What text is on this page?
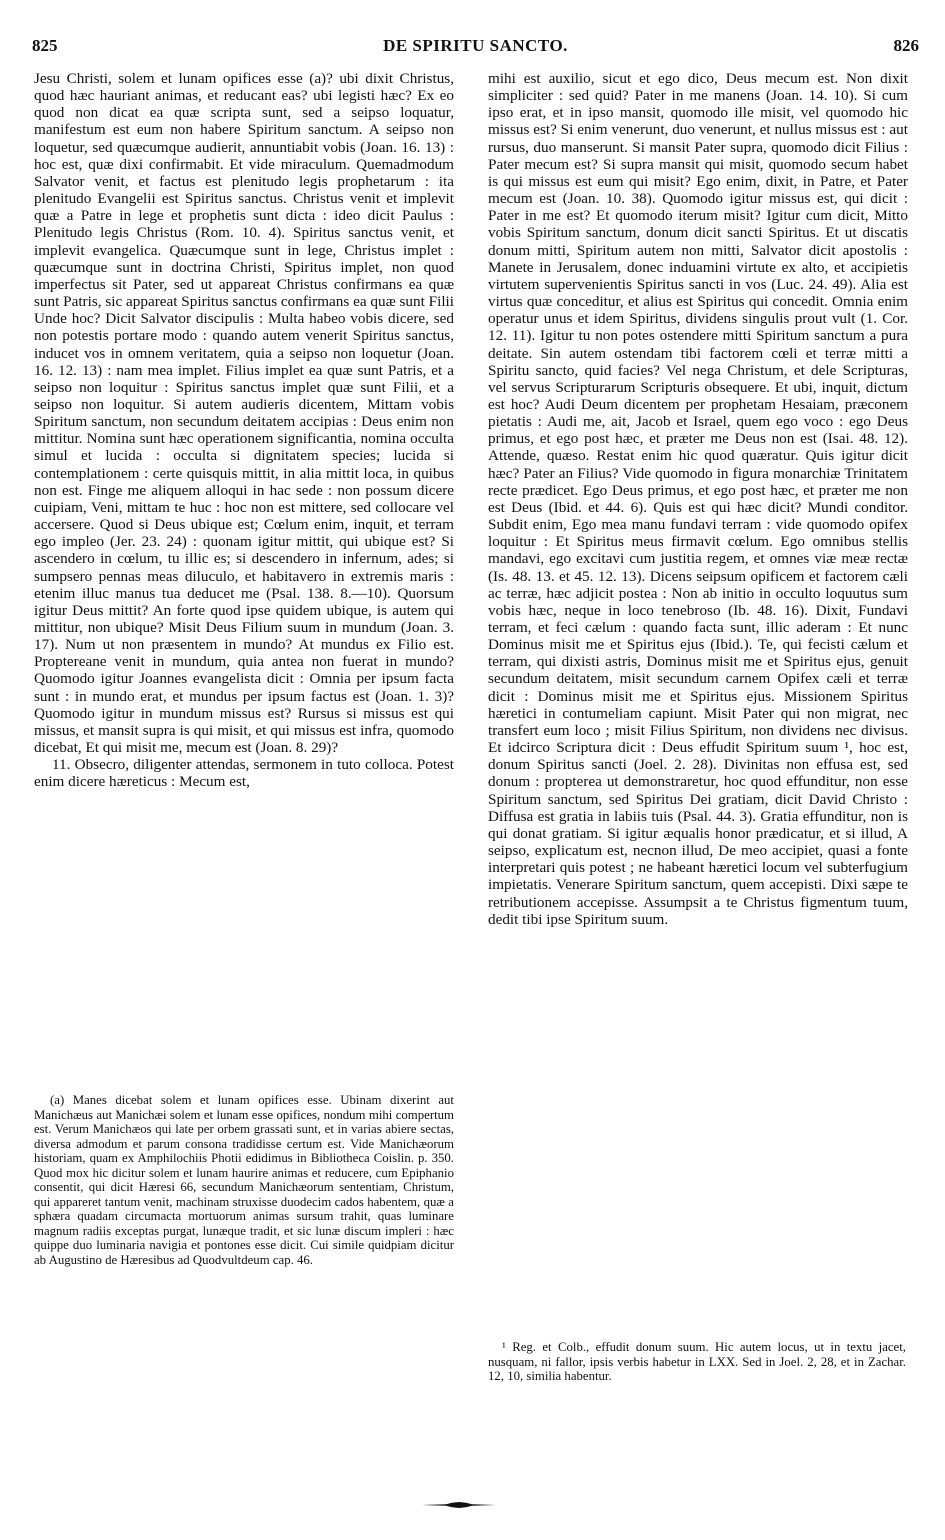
825	DE SPIRITU SANCTO.	826

Jesu Christi, solem et lunam opifices esse (a)? ubi dixit Christus, quod hæc hauriant animas, et reducant eas? ubi legisti hæc? Ex eo quod non dicat ea quæ scripta sunt, sed a seipso loquatur, manifestum est eum non habere Spiritum sanctum. A seipso non loquetur, sed quæcumque audierit, annuntiabit vobis (Joan. 16. 13) : hoc est, quæ dixi confirmabit. Et vide miraculum. Quemadmodum Salvator venit, et factus est plenitudo legis prophetarum : ita plenitudo Evangelii est Spiritus sanctus. Christus venit et implevit quæ a Patre in lege et prophetis sunt dicta : ideo dicit Paulus : Plenitudo legis Christus (Rom. 10. 4). Spiritus sanctus venit, et implevit evangelica. Quæcumque sunt in lege, Christus implet : quæcumque sunt in doctrina Christi, Spiritus implet, non quod imperfectus sit Pater, sed ut appareat Christus confirmans ea quæ sunt Patris, sic appareat Spiritus sanctus confirmans ea quæ sunt Filii Unde hoc? Dicit Salvator discipulis : Multa habeo vobis dicere, sed non potestis portare modo : quando autem venerit Spiritus sanctus, inducet vos in omnem veritatem, quia a seipso non loquetur (Joan. 16. 12. 13) : nam mea implet. Filius implet ea quæ sunt Patris, et a seipso non loquitur : Spiritus sanctus implet quæ sunt Filii, et a seipso non loquitur. Si autem audieris dicentem, Mittam vobis Spiritum sanctum, non secundum deitatem accipias : Deus enim non mittitur. Nomina sunt hæc operationem significantia, nomina occulta simul et lucida : occulta si dignitatem species; lucida si contemplationem : certe quisquis mittit, in alia mittit loca, in quibus non est. Finge me aliquem alloqui in hac sede : non possum dicere cuipiam, Veni, mittam te huc : hoc non est mittere, sed collocare vel accersere. Quod si Deus ubique est; Cœlum enim, inquit, et terram ego impleo (Jer. 23. 24) : quonam igitur mittit, qui ubique est? Si ascendero in cœlum, tu illic es; si descendero in infernum, ades; si sumpsero pennas meas diluculo, et habitavero in extremis maris : etenim illuc manus tua deducet me (Psal. 138. 8.—10). Quorsum igitur Deus mittit? An forte quod ipse quidem ubique, is autem qui mittitur, non ubique? Misit Deus Filium suum in mundum (Joan. 3. 17). Num ut non præsentem in mundo? At mundus ex Filio est. Proptereane venit in mundum, quia antea non fuerat in mundo? Quomodo igitur Joannes evangelista dicit : Omnia per ipsum facta sunt : in mundo erat, et mundus per ipsum factus est (Joan. 1. 3)? Quomodo igitur in mundum missus est? Rursus si missus est qui missus, et mansit supra is qui misit, et qui missus est infra, quomodo dicebat, Et qui misit me, mecum est (Joan. 8. 29)?

11. Obsecro, diligenter attendas, sermonem in tuto colloca. Potest enim dicere hæreticus : Mecum est,

mihi est auxilio, sicut et ego dico, Deus mecum est. Non dixit simpliciter : sed quid? Pater in me manens (Joan. 14. 10). Si cum ipso erat, et in ipso mansit, quomodo ille misit, vel quomodo hic missus est? Si enim venerunt, duo venerunt, et nullus missus est : aut rursus, duo manserunt. Si mansit Pater supra, quomodo dicit Filius : Pater mecum est? Si supra mansit qui misit, quomodo secum habet is qui missus est eum qui misit? Ego enim, dixit, in Patre, et Pater mecum est (Joan. 10. 38). Quomodo igitur missus est, qui dicit : Pater in me est? Et quomodo iterum misit? Igitur cum dicit, Mitto vobis Spiritum sanctum, donum dicit sancti Spiritus. Et ut discatis donum mitti, Spiritum autem non mitti, Salvator dicit apostolis : Manete in Jerusalem, donec induamini virtute ex alto, et accipietis virtutem supervenientis Spiritus sancti in vos (Luc. 24. 49). Alia est virtus quæ conceditur, et alius est Spiritus qui concedit. Omnia enim operatur unus et idem Spiritus, dividens singulis prout vult (1. Cor. 12. 11). Igitur tu non potes ostendere mitti Spiritum sanctum a pura deitate. Sin autem ostendam tibi factorem cœli et terræ mitti a Spiritu sancto, quid facies? Vel nega Christum, et dele Scripturas, vel servus Scripturarum Scripturis obsequere. Et ubi, inquit, dictum est hoc? Audi Deum dicentem per prophetam Hesaiam, præconem pietatis : Audi me, ait, Jacob et Israel, quem ego voco : ego Deus primus, et ego post hæc, et præter me Deus non est (Isai. 48. 12). Attende, quæso. Restat enim hic quod quæratur. Quis igitur dicit hæc? Pater an Filius? Vide quomodo in figura monarchiæ Trinitatem recte prædicet. Ego Deus primus, et ego post hæc, et præter me non est Deus (Ibid. et 44. 6). Quis est qui hæc dicit? Mundi conditor. Subdit enim, Ego mea manu fundavi terram : vide quomodo opifex loquitur : Et Spiritus meus firmavit cœlum. Ego omnibus stellis mandavi, ego excitavi cum justitia regem, et omnes viæ meæ rectæ (Is. 48. 13. et 45. 12. 13). Dicens seipsum opificem et factorem cæli ac terræ, hæc adjicit postea : Non ab initio in occulto loquutus sum vobis hæc, neque in loco tenebroso (Ib. 48. 16). Dixit, Fundavi terram, et feci cælum : quando facta sunt, illic aderam : Et nunc Dominus misit me et Spiritus ejus (Ibid.). Te, qui fecisti cælum et terram, qui dixisti astris, Dominus misit me et Spiritus ejus, genuit secundum deitatem, misit secundum carnem Opifex cæli et terræ dicit : Dominus misit me et Spiritus ejus. Missionem Spiritus hæretici in contumeliam capiunt. Misit Pater qui non migrat, nec transfert eum loco ; misit Filius Spiritum, non dividens nec divisus. Et idcirco Scriptura dicit : Deus effudit Spiritum suum ¹, hoc est, donum Spiritus sancti (Joel. 2. 28). Divinitas non effusa est, sed donum : propterea ut demonstraretur, hoc quod effunditur, non esse Spiritum sanctum, sed Spiritus Dei gratiam, dicit David Christo : Diffusa est gratia in labiis tuis (Psal. 44. 3). Gratia effunditur, non is qui donat gratiam. Si igitur æqualis honor prædicatur, et si illud, A seipso, explicatum est, necnon illud, De meo accipiet, quasi a fonte interpretari quis potest ; ne habeant hæretici locum vel subterfugium impietatis. Venerare Spiritum sanctum, quem accepisti. Dixi sæpe te retributionem accepisse. Assumpsit a te Christus figmentum tuum, dedit tibi ipse Spiritum suum.

(a) Manes dicebat solem et lunam opifices esse. Ubinam dixerint aut Manichæus aut Manichæi solem et lunam esse opifices, nondum mihi compertum est. Verum Manichæos qui late per orbem grassati sunt, et in varias abiere sectas, diversa admodum et parum consona tradidisse certum est. Vide Manichæorum historiam, quam ex Amphilochiis Photii edidimus in Bibliotheca Coislin. p. 350. Quod mox hic dicitur solem et lunam haurire animas et reducere, cum Epiphanio consentit, qui dicit Hæresi 66, secundum Manichæorum sententiam, Christum, qui appareret tantum venit, machinam struxisse duodecim cados habentem, quæ a sphæra quadam circumacta mortuorum animas sursum trahit, quas luminare magnum radiis exceptas purgat, lunæque tradit, et sic lunæ discum impleri : hæc quippe duo luminaria navigia et pontones esse dicit. Cui simile quidpiam dicitur ab Augustino de Hæresibus ad Quodvultdeum cap. 46.
¹ Reg. et Colb., effudit donum suum. Hic autem locus, ut in textu jacet, nusquam, ni fallor, ipsis verbis habetur in LXX. Sed in Joel. 2, 28, et in Zachar. 12, 10, similia habentur.
